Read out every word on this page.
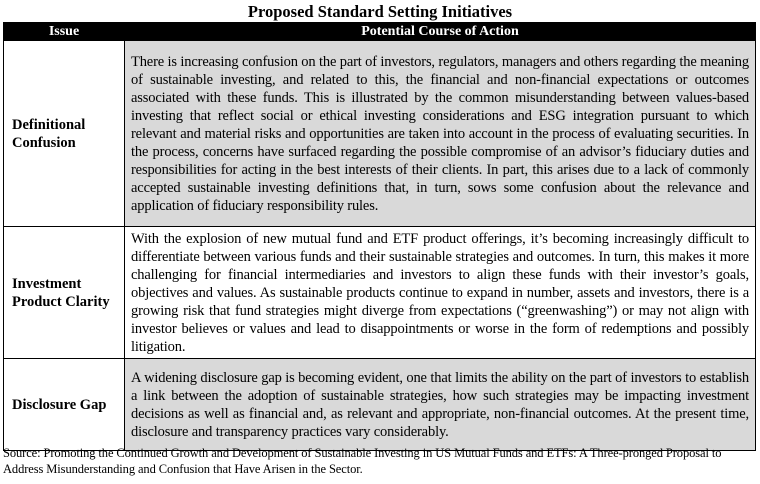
Proposed Standard Setting Initiatives
Issue	Potential Course of Action
Definitional Confusion	There is increasing confusion on the part of investors, regulators, managers and others regarding the meaning of sustainable investing, and related to this, the financial and non-financial expectations or outcomes associated with these funds. This is illustrated by the common misunderstanding between values-based investing that reflect social or ethical investing considerations and ESG integration pursuant to which relevant and material risks and opportunities are taken into account in the process of evaluating securities. In the process, concerns have surfaced regarding the possible compromise of an advisor’s fiduciary duties and responsibilities for acting in the best interests of their clients. In part, this arises due to a lack of commonly accepted sustainable investing definitions that, in turn, sows some confusion about the relevance and application of fiduciary responsibility rules.
Investment Product Clarity	With the explosion of new mutual fund and ETF product offerings, it’s becoming increasingly difficult to differentiate between various funds and their sustainable strategies and outcomes. In turn, this makes it more challenging for financial intermediaries and investors to align these funds with their investor’s goals, objectives and values. As sustainable products continue to expand in number, assets and investors, there is a growing risk that fund strategies might diverge from expectations (“greenwashing”) or may not align with investor believes or values and lead to disappointments or worse in the form of redemptions and possibly litigation.
Disclosure Gap	A widening disclosure gap is becoming evident, one that limits the ability on the part of investors to establish a link between the adoption of sustainable strategies, how such strategies may be impacting investment decisions as well as financial and, as relevant and appropriate, non-financial outcomes. At the present time, disclosure and transparency practices vary considerably.
Source: Promoting the Continued Growth and Development of Sustainable Investing in US Mutual Funds and ETFs: A Three-pronged Proposal to Address Misunderstanding and Confusion that Have Arisen in the Sector.
